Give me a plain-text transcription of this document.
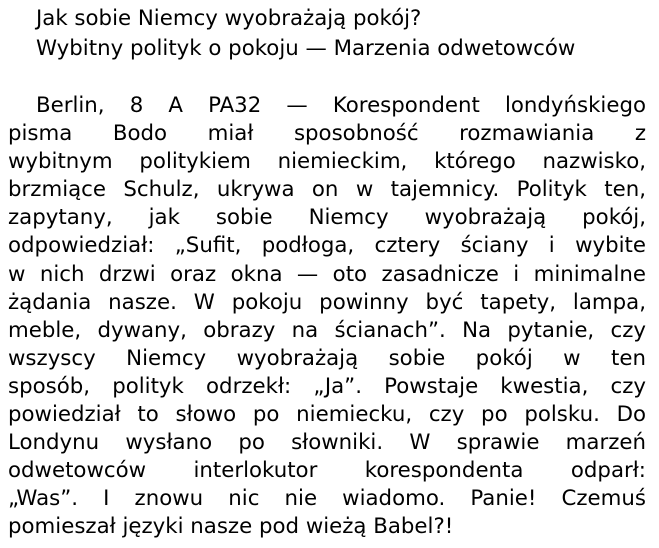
Jak sobie Niemcy wyobrażają pokój?
Wybitny polityk o pokoju — Marzenia odwetowców
Berlin, 8 A PA32 — Korespondent londyńskiego
pisma Bodo miał sposobność rozmawiania z
wybitnym politykiem niemieckim, którego nazwisko,
brzmiące Schulz, ukrywa on w tajemnicy. Polityk ten,
zapytany, jak sobie Niemcy wyobrażają pokój,
odpowiedział: „Sufit, podłoga, cztery ściany i wybite
w nich drzwi oraz okna — oto zasadnicze i minimalne
żądania nasze. W pokoju powinny być tapety, lampa,
meble, dywany, obrazy na ścianach”. Na pytanie, czy
wszyscy Niemcy wyobrażają sobie pokój w ten
sposób, polityk odrzekł: „Ja”. Powstaje kwestia, czy
powiedział to słowo po niemiecku, czy po polsku. Do
Londynu wysłano po słowniki. W sprawie marzeń
odwetowców interlokutor korespondenta odparł:
„Was”. I znowu nic nie wiadomo. Panie! Czemuś
pomieszał języki nasze pod wieżą Babel?!
